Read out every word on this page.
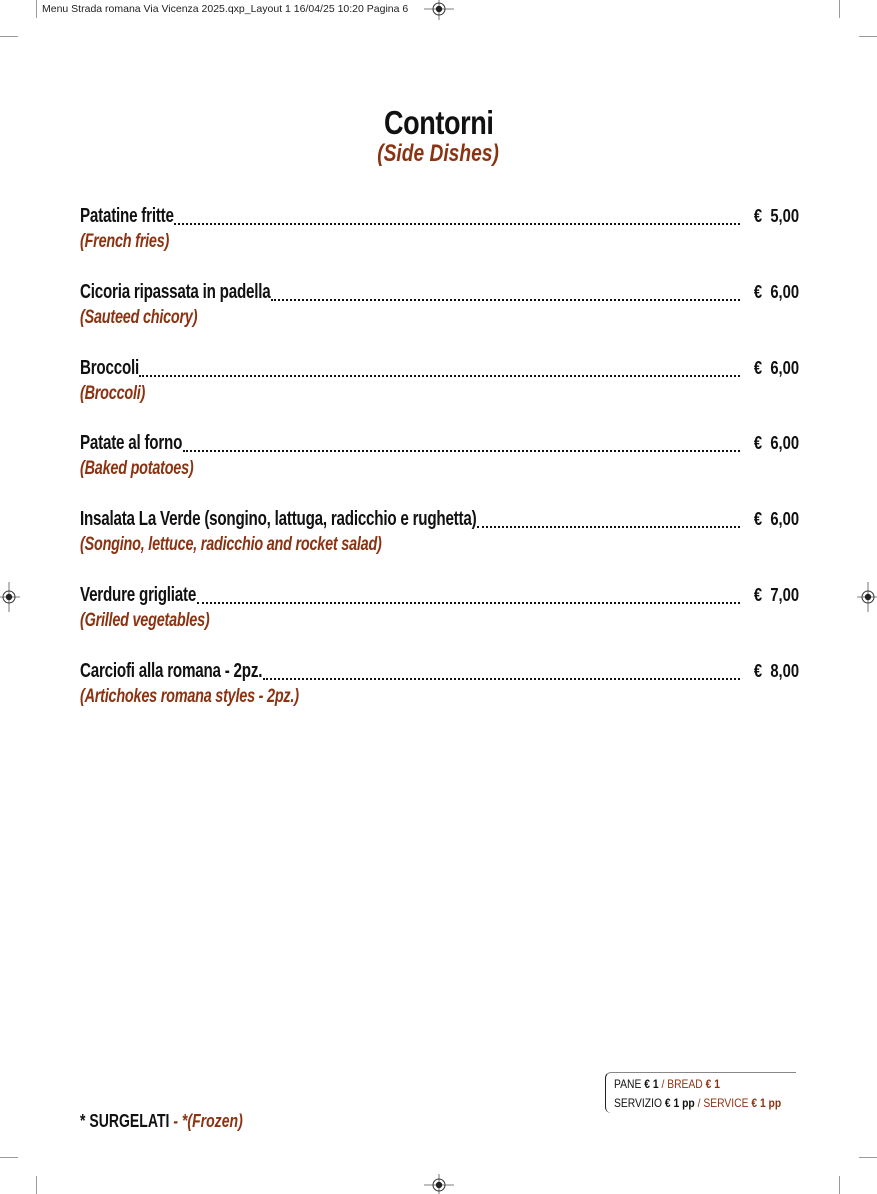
Menu Strada romana Via Vicenza 2025.qxp_Layout 1 16/04/25 10:20 Pagina 6
Contorni
(Side Dishes)
Patatine fritte	€ 5,00
(French fries)
Cicoria ripassata in padella	€ 6,00
(Sauteed chicory)
Broccoli	€ 6,00
(Broccoli)
Patate al forno	€ 6,00
(Baked potatoes)
Insalata La Verde (songino, lattuga, radicchio e rughetta)	€ 6,00
(Songino, lettuce, radicchio and rocket salad)
Verdure grigliate	€ 7,00
(Grilled vegetables)
Carciofi alla romana - 2pz.	€ 8,00
(Artichokes romana styles - 2pz.)
PANE € 1 / BREAD € 1
SERVIZIO € 1 pp / SERVICE € 1 pp
* SURGELATI - *(Frozen)
